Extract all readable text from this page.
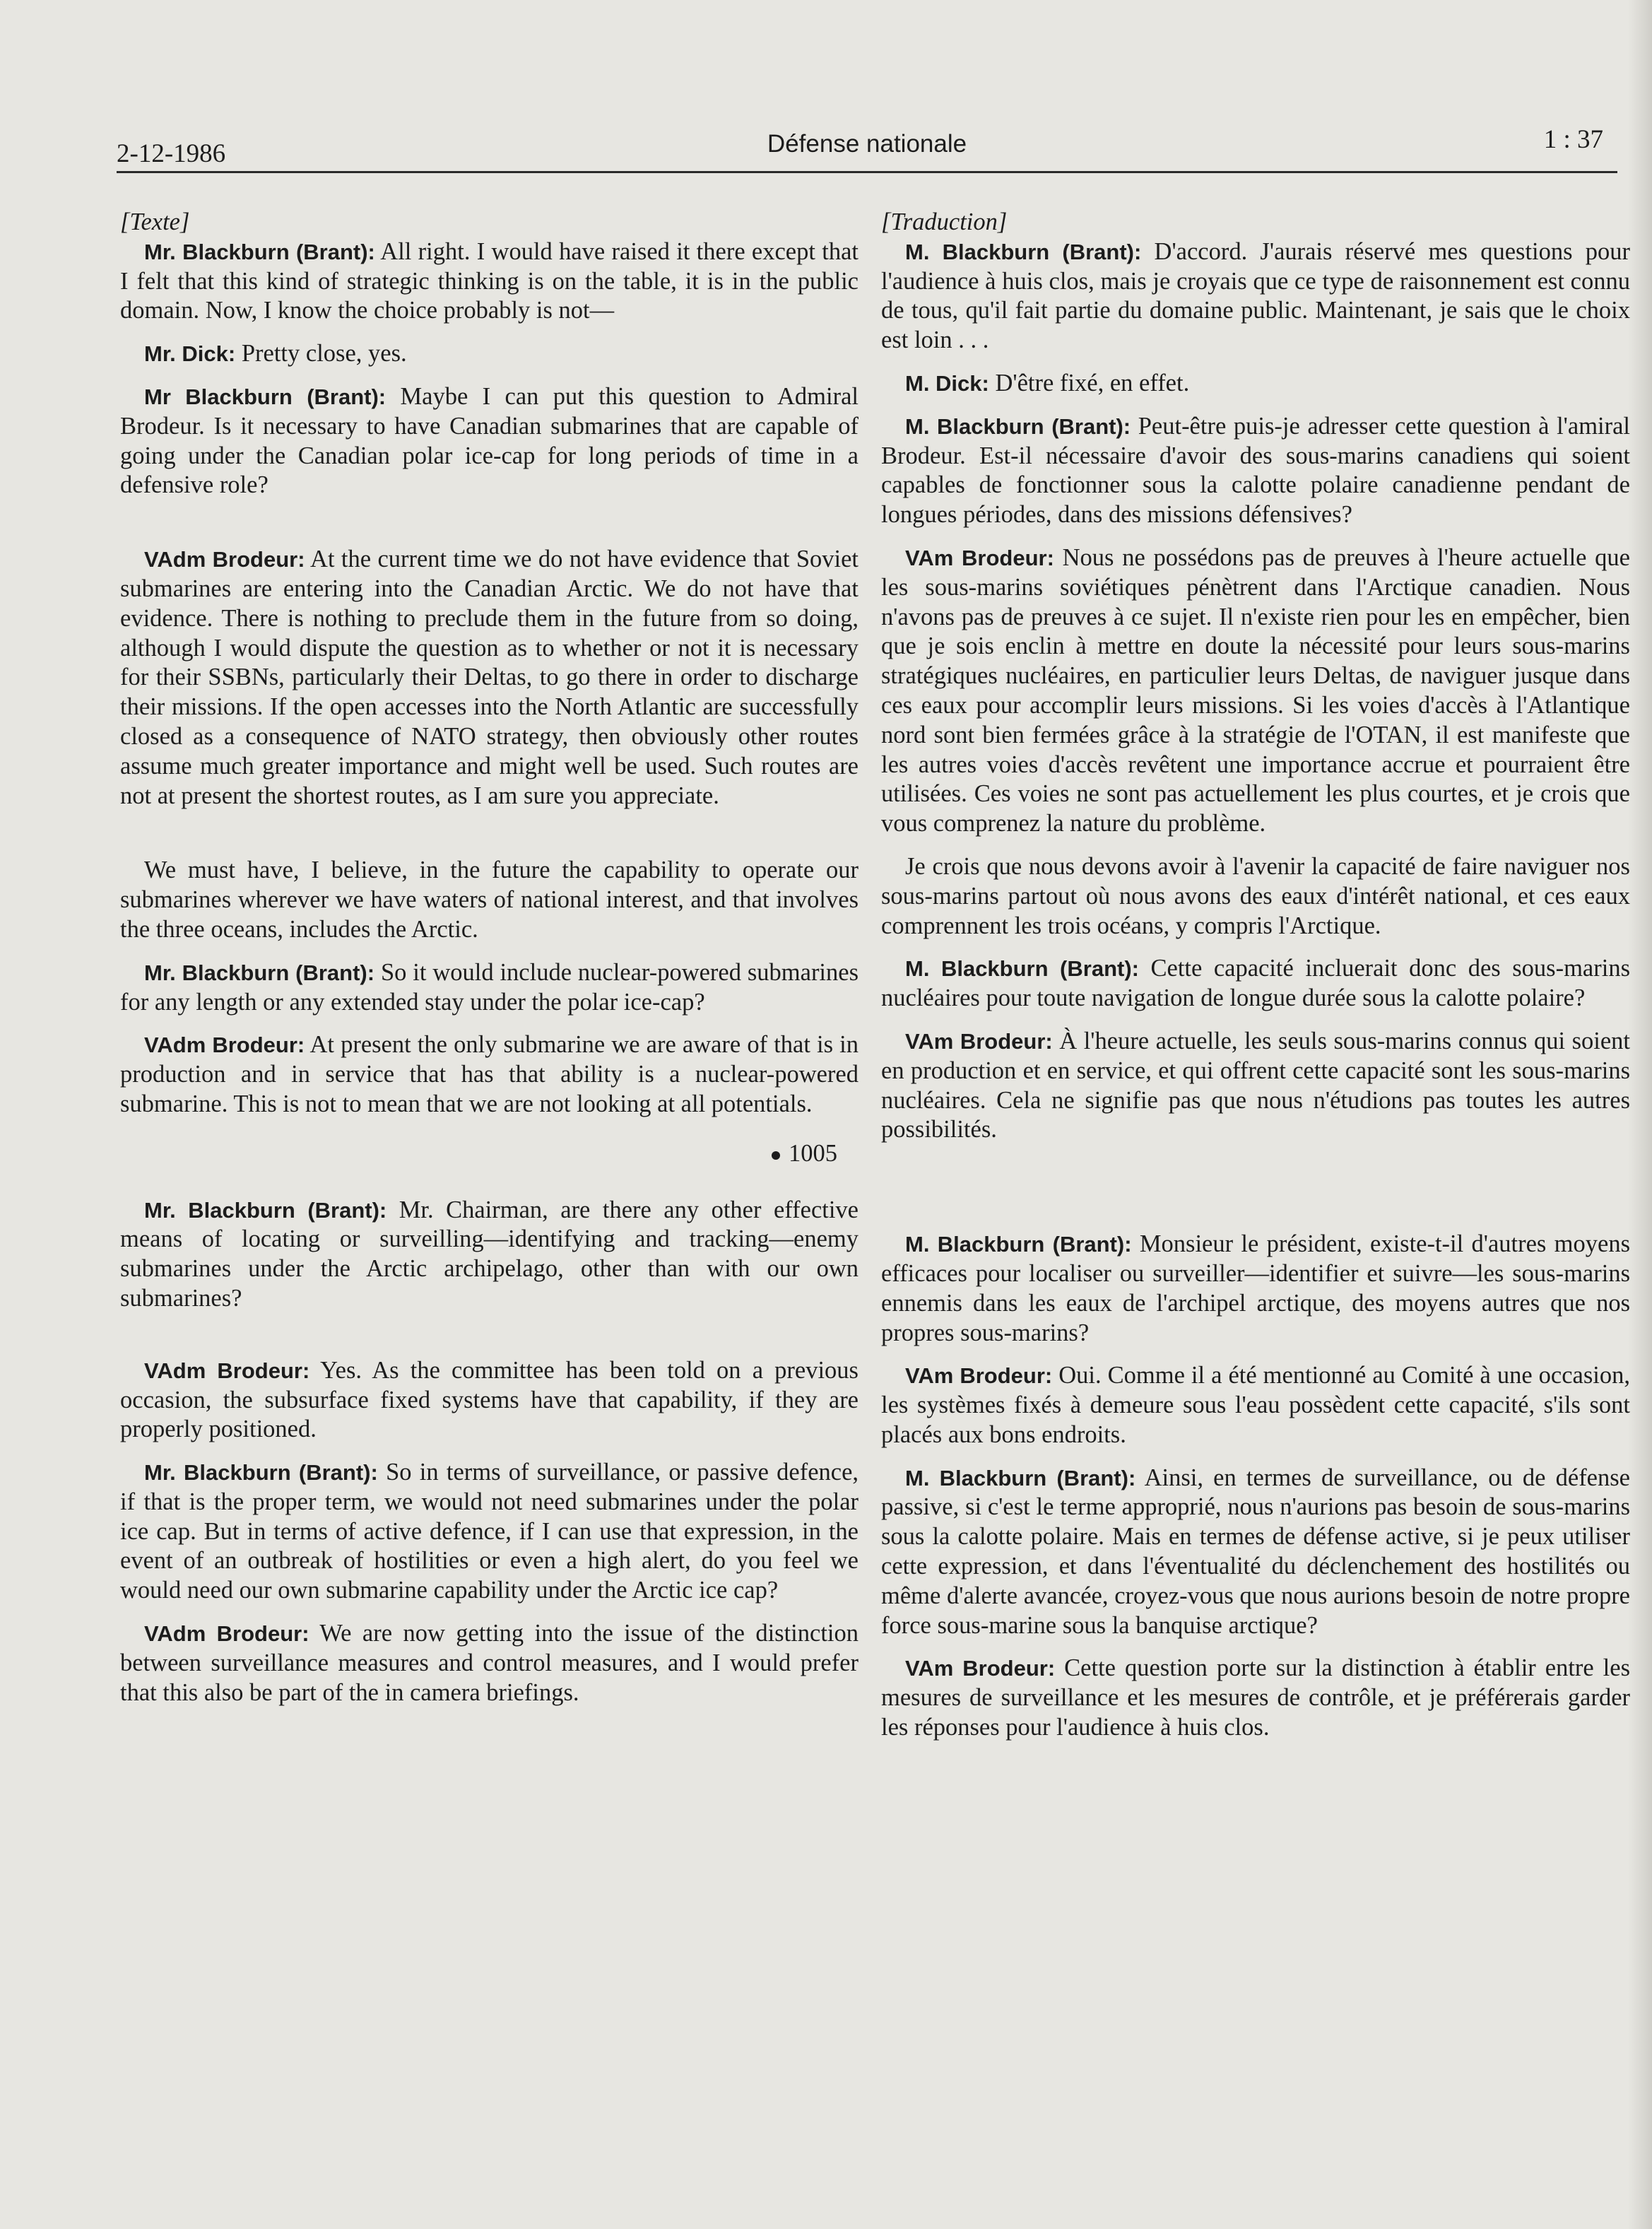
2-12-1986	Défense nationale	1 : 37

[Texte]

Mr. Blackburn (Brant): All right. I would have raised it there except that I felt that this kind of strategic thinking is on the table, it is in the public domain. Now, I know the choice probably is not—

Mr. Dick: Pretty close, yes.

Mr Blackburn (Brant): Maybe I can put this question to Admiral Brodeur. Is it necessary to have Canadian submarines that are capable of going under the Canadian polar ice-cap for long periods of time in a defensive role?

VAdm Brodeur: At the current time we do not have evidence that Soviet submarines are entering into the Canadian Arctic. We do not have that evidence. There is nothing to preclude them in the future from so doing, although I would dispute the question as to whether or not it is necessary for their SSBNs, particularly their Deltas, to go there in order to discharge their missions. If the open accesses into the North Atlantic are successfully closed as a consequence of NATO strategy, then obviously other routes assume much greater importance and might well be used. Such routes are not at present the shortest routes, as I am sure you appreciate.

We must have, I believe, in the future the capability to operate our submarines wherever we have waters of national interest, and that involves the three oceans, includes the Arctic.

Mr. Blackburn (Brant): So it would include nuclear-powered submarines for any length or any extended stay under the polar ice-cap?

VAdm Brodeur: At present the only submarine we are aware of that is in production and in service that has that ability is a nuclear-powered submarine. This is not to mean that we are not looking at all potentials.

1005

Mr. Blackburn (Brant): Mr. Chairman, are there any other effective means of locating or surveilling—identifying and tracking—enemy submarines under the Arctic archipelago, other than with our own submarines?

VAdm Brodeur: Yes. As the committee has been told on a previous occasion, the subsurface fixed systems have that capability, if they are properly positioned.

Mr. Blackburn (Brant): So in terms of surveillance, or passive defence, if that is the proper term, we would not need submarines under the polar ice cap. But in terms of active defence, if I can use that expression, in the event of an outbreak of hostilities or even a high alert, do you feel we would need our own submarine capability under the Arctic ice cap?

VAdm Brodeur: We are now getting into the issue of the distinction between surveillance measures and control measures, and I would prefer that this also be part of the in camera briefings.

[Traduction]

M. Blackburn (Brant): D'accord. J'aurais réservé mes questions pour l'audience à huis clos, mais je croyais que ce type de raisonnement est connu de tous, qu'il fait partie du domaine public. Maintenant, je sais que le choix est loin . . .

M. Dick: D'être fixé, en effet.

M. Blackburn (Brant): Peut-être puis-je adresser cette question à l'amiral Brodeur. Est-il nécessaire d'avoir des sous-marins canadiens qui soient capables de fonctionner sous la calotte polaire canadienne pendant de longues périodes, dans des missions défensives?

VAm Brodeur: Nous ne possédons pas de preuves à l'heure actuelle que les sous-marins soviétiques pénètrent dans l'Arctique canadien. Nous n'avons pas de preuves à ce sujet. Il n'existe rien pour les en empêcher, bien que je sois enclin à mettre en doute la nécessité pour leurs sous-marins stratégiques nucléaires, en particulier leurs Deltas, de naviguer jusque dans ces eaux pour accomplir leurs missions. Si les voies d'accès à l'Atlantique nord sont bien fermées grâce à la stratégie de l'OTAN, il est manifeste que les autres voies d'accès revêtent une importance accrue et pourraient être utilisées. Ces voies ne sont pas actuellement les plus courtes, et je crois que vous comprenez la nature du problème.

Je crois que nous devons avoir à l'avenir la capacité de faire naviguer nos sous-marins partout où nous avons des eaux d'intérêt national, et ces eaux comprennent les trois océans, y compris l'Arctique.

M. Blackburn (Brant): Cette capacité incluerait donc des sous-marins nucléaires pour toute navigation de longue durée sous la calotte polaire?

VAm Brodeur: À l'heure actuelle, les seuls sous-marins connus qui soient en production et en service, et qui offrent cette capacité sont les sous-marins nucléaires. Cela ne signifie pas que nous n'étudions pas toutes les autres possibilités.

M. Blackburn (Brant): Monsieur le président, existe-t-il d'autres moyens efficaces pour localiser ou surveiller—identifier et suivre—les sous-marins ennemis dans les eaux de l'archipel arctique, des moyens autres que nos propres sous-marins?

VAm Brodeur: Oui. Comme il a été mentionné au Comité à une occasion, les systèmes fixés à demeure sous l'eau possèdent cette capacité, s'ils sont placés aux bons endroits.

M. Blackburn (Brant): Ainsi, en termes de surveillance, ou de défense passive, si c'est le terme approprié, nous n'aurions pas besoin de sous-marins sous la calotte polaire. Mais en termes de défense active, si je peux utiliser cette expression, et dans l'éventualité du déclenchement des hostilités ou même d'alerte avancée, croyez-vous que nous aurions besoin de notre propre force sous-marine sous la banquise arctique?

VAm Brodeur: Cette question porte sur la distinction à établir entre les mesures de surveillance et les mesures de contrôle, et je préférerais garder les réponses pour l'audience à huis clos.
